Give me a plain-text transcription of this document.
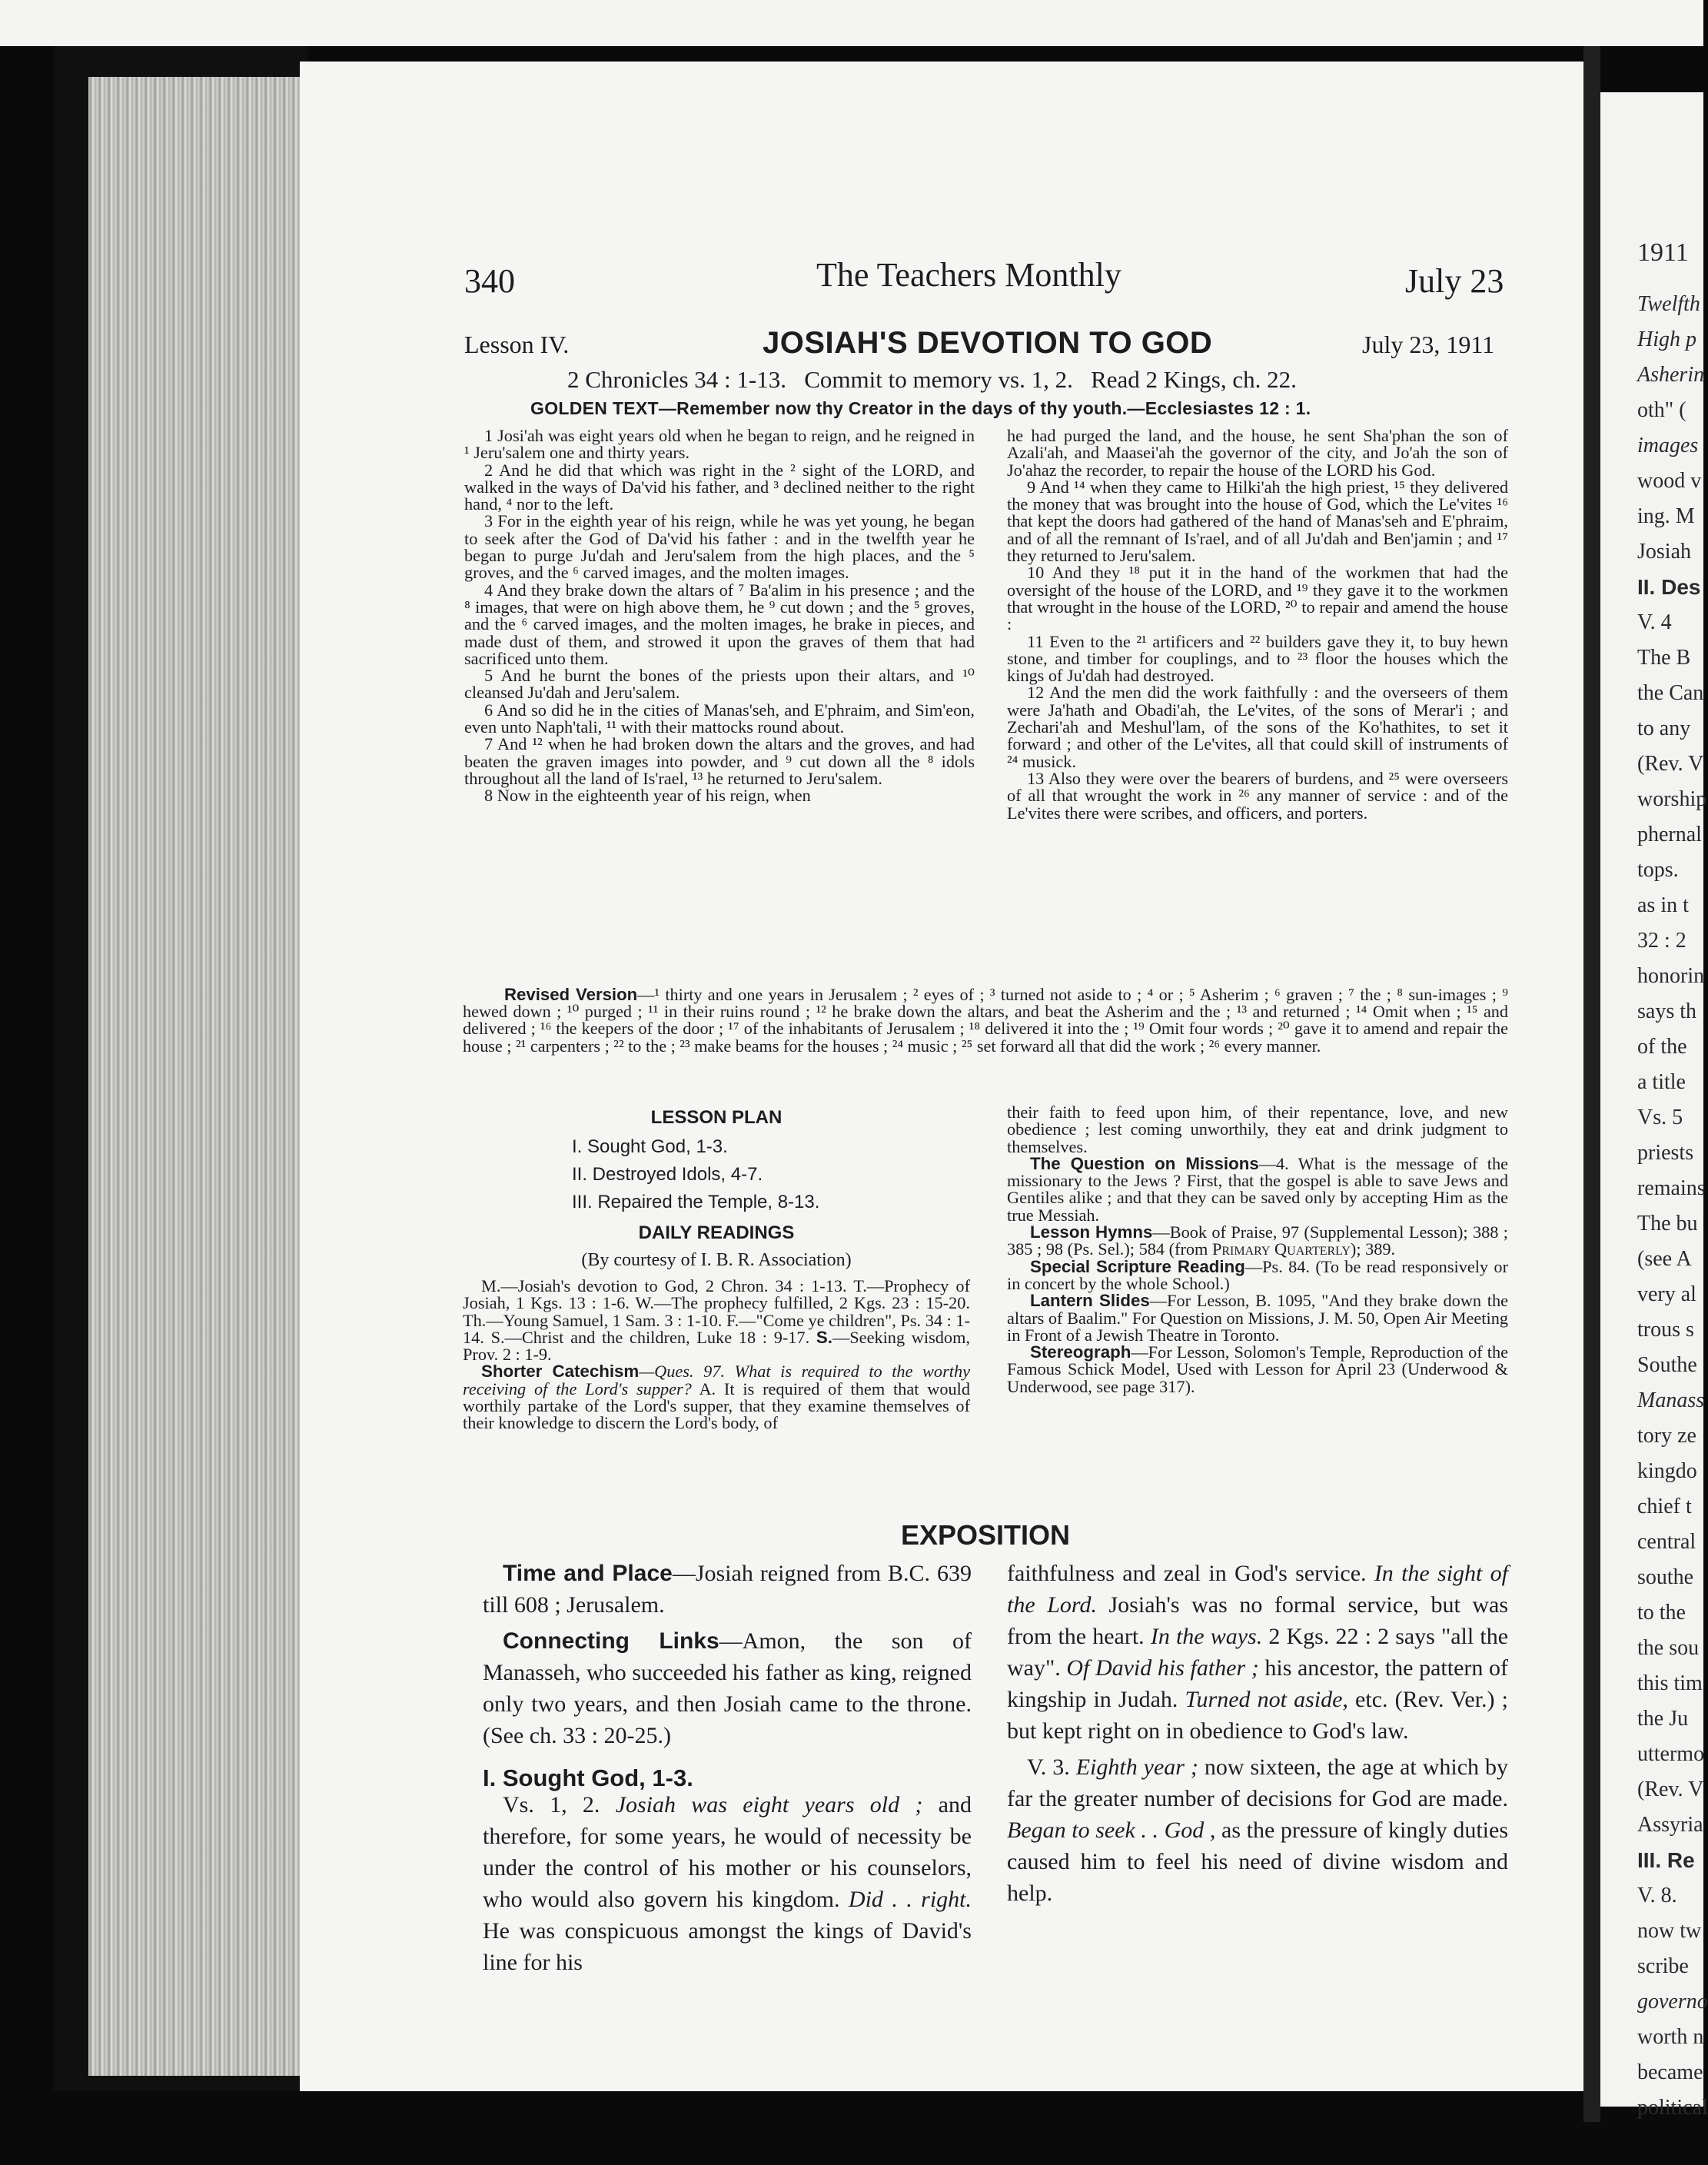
1911
Twelfth
High p
Asherin
oth" (
images
wood v
ing. M
Josiah
II. Des
V. 4
The B
the Can
to any
(Rev. V
worship
phernal
tops.
as in t
32 : 2
honorin
says th
of the
a title
Vs. 5
priests
remains
The bu
(see A
very al
trous s
Southe
Manass
tory ze
kingdo
chief t
central
southe
to the
the sou
this tim
the Ju
uttermo
(Rev. V
Assyria
III. Re
V. 8.
now tw
scribe
governo
worth n
became
political
340	The Teachers Monthly	July 23
Lesson IV.	JOSIAH'S DEVOTION TO GOD	July 23, 1911
2 Chronicles 34 : 1-13.   Commit to memory vs. 1, 2.   Read 2 Kings, ch. 22.
GOLDEN TEXT—Remember now thy Creator in the days of thy youth.—Ecclesiastes 12 : 1.

1 Josi'ah was eight years old when he began to reign, and he reigned in ¹ Jeru'salem one and thirty years.

2 And he did that which was right in the ² sight of the LORD, and walked in the ways of Da'vid his father, and ³ declined neither to the right hand, ⁴ nor to the left.

3 For in the eighth year of his reign, while he was yet young, he began to seek after the God of Da'vid his father : and in the twelfth year he began to purge Ju'dah and Jeru'salem from the high places, and the ⁵ groves, and the ⁶ carved images, and the molten images.

4 And they brake down the altars of ⁷ Ba'alim in his presence ; and the ⁸ images, that were on high above them, he ⁹ cut down ; and the ⁵ groves, and the ⁶ carved images, and the molten images, he brake in pieces, and made dust of them, and strowed it upon the graves of them that had sacrificed unto them.

5 And he burnt the bones of the priests upon their altars, and ¹⁰ cleansed Ju'dah and Jeru'salem.

6 And so did he in the cities of Manas'seh, and E'phraim, and Sim'eon, even unto Naph'tali, ¹¹ with their mattocks round about.

7 And ¹² when he had broken down the altars and the groves, and had beaten the graven images into powder, and ⁹ cut down all the ⁸ idols throughout all the land of Is'rael, ¹³ he returned to Jeru'salem.

8 Now in the eighteenth year of his reign, when

he had purged the land, and the house, he sent Sha'phan the son of Azali'ah, and Maasei'ah the governor of the city, and Jo'ah the son of Jo'ahaz the recorder, to repair the house of the LORD his God.

9 And ¹⁴ when they came to Hilki'ah the high priest, ¹⁵ they delivered the money that was brought into the house of God, which the Le'vites ¹⁶ that kept the doors had gathered of the hand of Manas'seh and E'phraim, and of all the remnant of Is'rael, and of all Ju'dah and Ben'jamin ; and ¹⁷ they returned to Jeru'salem.

10 And they ¹⁸ put it in the hand of the workmen that had the oversight of the house of the LORD, and ¹⁹ they gave it to the workmen that wrought in the house of the LORD, ²⁰ to repair and amend the house :

11 Even to the ²¹ artificers and ²² builders gave they it, to buy hewn stone, and timber for couplings, and to ²³ floor the houses which the kings of Ju'dah had destroyed.

12 And the men did the work faithfully : and the overseers of them were Ja'hath and Obadi'ah, the Le'vites, of the sons of Merar'i ; and Zechari'ah and Meshul'lam, of the sons of the Ko'hathites, to set it forward ; and other of the Le'vites, all that could skill of instruments of ²⁴ musick.

13 Also they were over the bearers of burdens, and ²⁵ were overseers of all that wrought the work in ²⁶ any manner of service : and of the Le'vites there were scribes, and officers, and porters.

Revised Version—¹ thirty and one years in Jerusalem ; ² eyes of ; ³ turned not aside to ; ⁴ or ; ⁵ Asherim ; ⁶ graven ; ⁷ the ; ⁸ sun-images ; ⁹ hewed down ; ¹⁰ purged ; ¹¹ in their ruins round ; ¹² he brake down the altars, and beat the Asherim and the ; ¹³ and returned ; ¹⁴ Omit when ; ¹⁵ and delivered ; ¹⁶ the keepers of the door ; ¹⁷ of the inhabitants of Jerusalem ; ¹⁸ delivered it into the ; ¹⁹ Omit four words ; ²⁰ gave it to amend and repair the house ; ²¹ carpenters ; ²² to the ; ²³ make beams for the houses ; ²⁴ music ; ²⁵ set forward all that did the work ; ²⁶ every manner.
LESSON PLAN
I. Sought God, 1-3.
II. Destroyed Idols, 4-7.
III. Repaired the Temple, 8-13.
DAILY READINGS
(By courtesy of I. B. R. Association)

M.—Josiah's devotion to God, 2 Chron. 34 : 1-13. T.—Prophecy of Josiah, 1 Kgs. 13 : 1-6. W.—The prophecy fulfilled, 2 Kgs. 23 : 15-20. Th.—Young Samuel, 1 Sam. 3 : 1-10. F.—"Come ye children", Ps. 34 : 1-14. S.—Christ and the children, Luke 18 : 9-17. S.—Seeking wisdom, Prov. 2 : 1-9.

Shorter Catechism—Ques. 97. What is required to the worthy receiving of the Lord's supper? A. It is required of them that would worthily partake of the Lord's supper, that they examine themselves of their knowledge to discern the Lord's body, of

their faith to feed upon him, of their repentance, love, and new obedience ; lest coming unworthily, they eat and drink judgment to themselves.

The Question on Missions—4. What is the message of the missionary to the Jews ? First, that the gospel is able to save Jews and Gentiles alike ; and that they can be saved only by accepting Him as the true Messiah.

Lesson Hymns—Book of Praise, 97 (Supplemental Lesson); 388 ; 385 ; 98 (Ps. Sel.); 584 (from Primary Quarterly); 389.

Special Scripture Reading—Ps. 84. (To be read responsively or in concert by the whole School.)

Lantern Slides—For Lesson, B. 1095, "And they brake down the altars of Baalim." For Question on Missions, J. M. 50, Open Air Meeting in Front of a Jewish Theatre in Toronto.

Stereograph—For Lesson, Solomon's Temple, Reproduction of the Famous Schick Model, Used with Lesson for April 23 (Underwood & Underwood, see page 317).

EXPOSITION

Time and Place—Josiah reigned from B.C. 639 till 608 ; Jerusalem.

Connecting Links—Amon, the son of Manasseh, who succeeded his father as king, reigned only two years, and then Josiah came to the throne. (See ch. 33 : 20-25.)

I. Sought God, 1-3.

Vs. 1, 2. Josiah was eight years old ; and therefore, for some years, he would of necessity be under the control of his mother or his counselors, who would also govern his kingdom. Did . . right. He was conspicuous amongst the kings of David's line for his

faithfulness and zeal in God's service. In the sight of the Lord. Josiah's was no formal service, but was from the heart. In the ways. 2 Kgs. 22 : 2 says "all the way". Of David his father ; his ancestor, the pattern of kingship in Judah. Turned not aside, etc. (Rev. Ver.) ; but kept right on in obedience to God's law.

V. 3. Eighth year ; now sixteen, the age at which by far the greater number of decisions for God are made. Began to seek . . God , as the pressure of kingly duties caused him to feel his need of divine wisdom and help.
